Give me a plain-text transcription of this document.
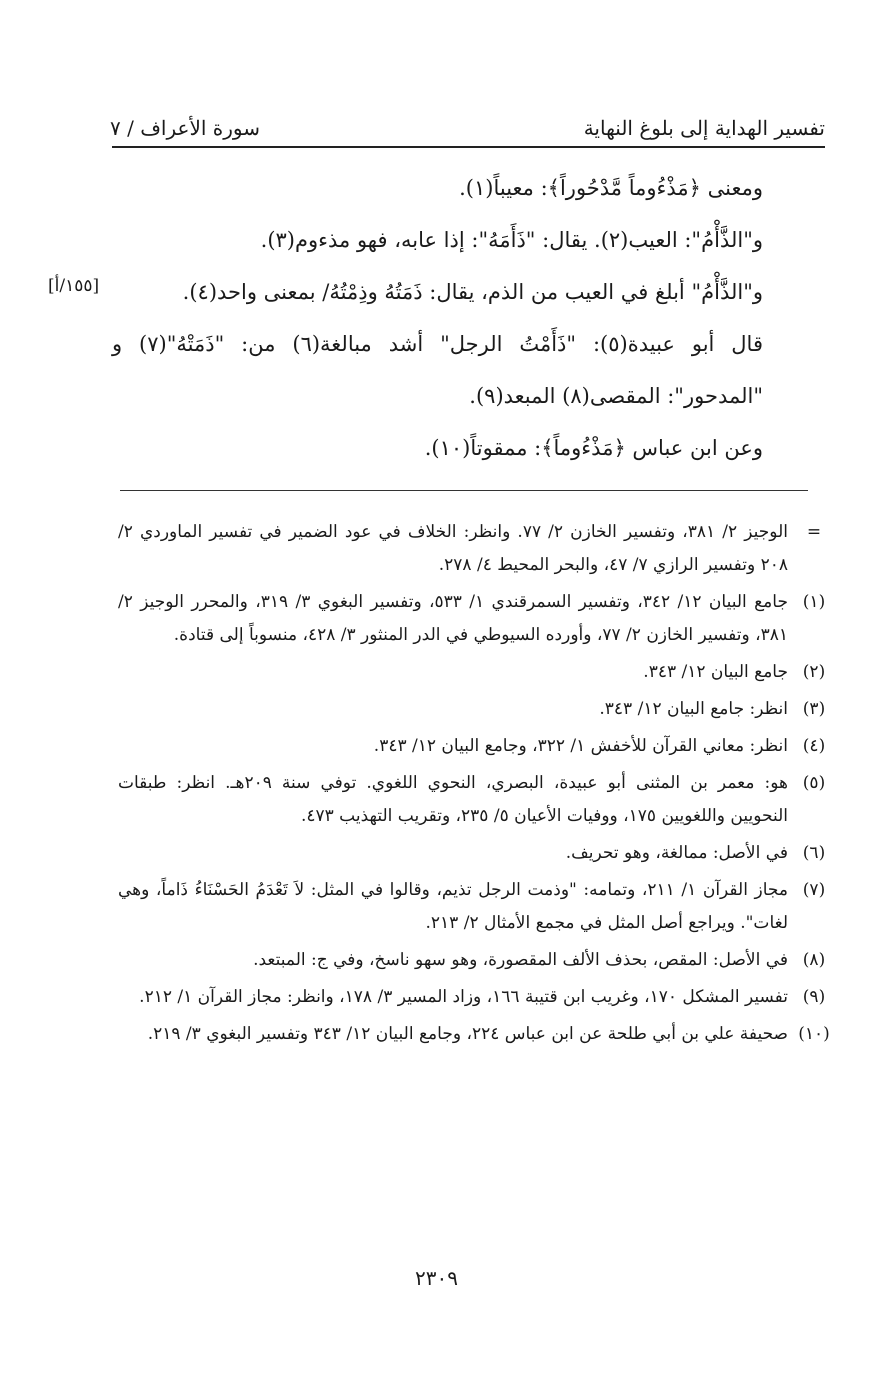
تفسير الهداية إلى بلوغ النهاية
سورة الأعراف / ٧
[١٥٥/أ]

ومعنى ﴿مَذْءُوماً مَّدْحُوراً﴾: معيباً(١).

و"الذَّأْمُ": العيب(٢). يقال: "ذَأَمَهُ": إذا عابه، فهو مذءوم(٣).

و"الذَّأْمُ" أبلغ في العيب من الذم، يقال: ذَمَتُهُ وذِمْتُهُ/ بمعنى واحد(٤).

قال أبو عبيدة(٥): "ذَأَمْتُ الرجل" أشد مبالغة(٦) من: "ذَمَتْهُ"(٧) و "المدحور": المقصى(٨) المبعد(٩).

وعن ابن عباس ﴿مَذْءُوماً﴾: ممقوتاً(١٠).

=
الوجيز ٢/ ٣٨١، وتفسير الخازن ٢/ ٧٧. وانظر: الخلاف في عود الضمير في تفسير الماوردي ٢/ ٢٠٨ وتفسير الرازي ٧/ ٤٧، والبحر المحيط ٤/ ٢٧٨.
(١)
جامع البيان ١٢/ ٣٤٢، وتفسير السمرقندي ١/ ٥٣٣، وتفسير البغوي ٣/ ٣١٩، والمحرر الوجيز ٢/ ٣٨١، وتفسير الخازن ٢/ ٧٧، وأورده السيوطي في الدر المنثور ٣/ ٤٢٨، منسوباً إلى قتادة.
(٢)
جامع البيان ١٢/ ٣٤٣.
(٣)
انظر: جامع البيان ١٢/ ٣٤٣.
(٤)
انظر: معاني القرآن للأخفش ١/ ٣٢٢، وجامع البيان ١٢/ ٣٤٣.
(٥)
هو: معمر بن المثنى أبو عبيدة، البصري، النحوي اللغوي. توفي سنة ٢٠٩هـ. انظر: طبقات النحويين واللغويين ١٧٥، ووفيات الأعيان ٥/ ٢٣٥، وتقريب التهذيب ٤٧٣.
(٦)
في الأصل: ممالغة، وهو تحريف.
(٧)
مجاز القرآن ١/ ٢١١، وتمامه: "وذمت الرجل تذيم، وقالوا في المثل: لاَ تَعْدَمُ الحَسْنَاءُ ذَاماً، وهي لغات". ويراجع أصل المثل في مجمع الأمثال ٢/ ٢١٣.
(٨)
في الأصل: المقص، بحذف الألف المقصورة، وهو سهو ناسخ، وفي ج: المبتعد.
(٩)
تفسير المشكل ١٧٠، وغريب ابن قتيبة ١٦٦، وزاد المسير ٣/ ١٧٨، وانظر: مجاز القرآن ١/ ٢١٢.
(١٠)
صحيفة علي بن أبي طلحة عن ابن عباس ٢٢٤، وجامع البيان ١٢/ ٣٤٣ وتفسير البغوي ٣/ ٢١٩.
٢٣٠٩
